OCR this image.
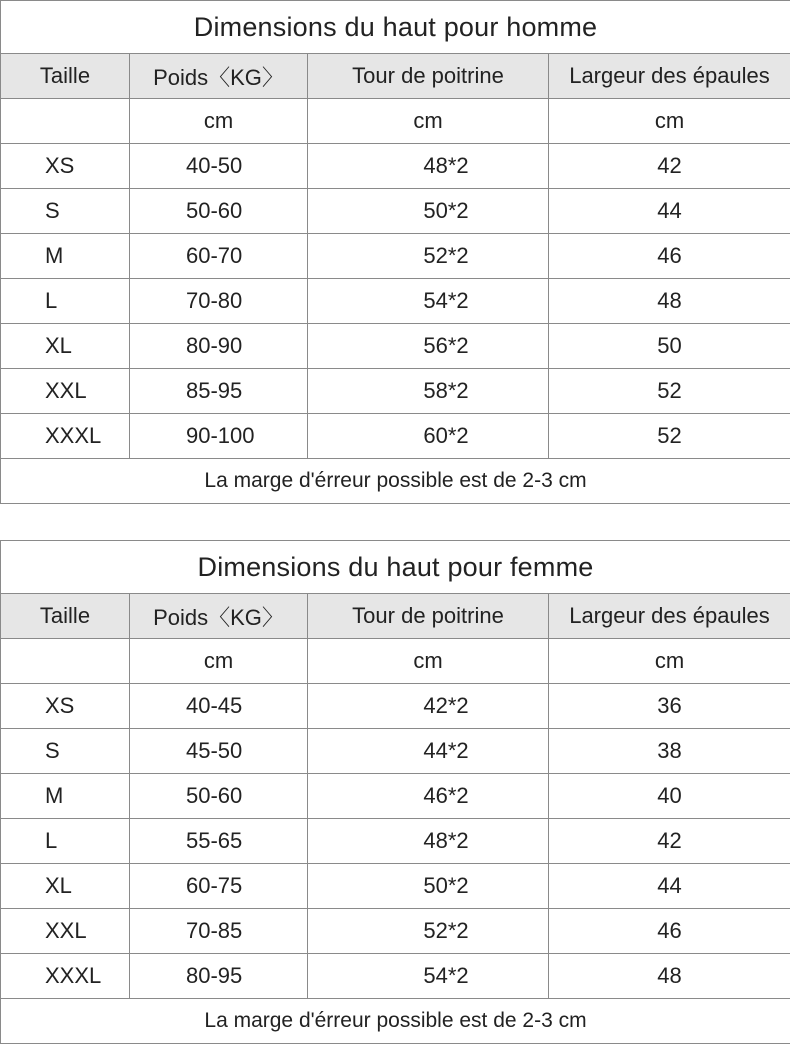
Dimensions du haut pour homme			
Taille	Poids〈KG〉	Tour de poitrine	Largeur des épaules
	cm	cm	cm
XS	40-50	48*2	42
S	50-60	50*2	44
M	60-70	52*2	46
L	70-80	54*2	48
XL	80-90	56*2	50
XXL	85-95	58*2	52
XXXL	90-100	60*2	52
La marge d'érreur possible est de 2-3 cm			
Dimensions du haut pour femme			
Taille	Poids〈KG〉	Tour de poitrine	Largeur des épaules
	cm	cm	cm
XS	40-45	42*2	36
S	45-50	44*2	38
M	50-60	46*2	40
L	55-65	48*2	42
XL	60-75	50*2	44
XXL	70-85	52*2	46
XXXL	80-95	54*2	48
La marge d'érreur possible est de 2-3 cm			
